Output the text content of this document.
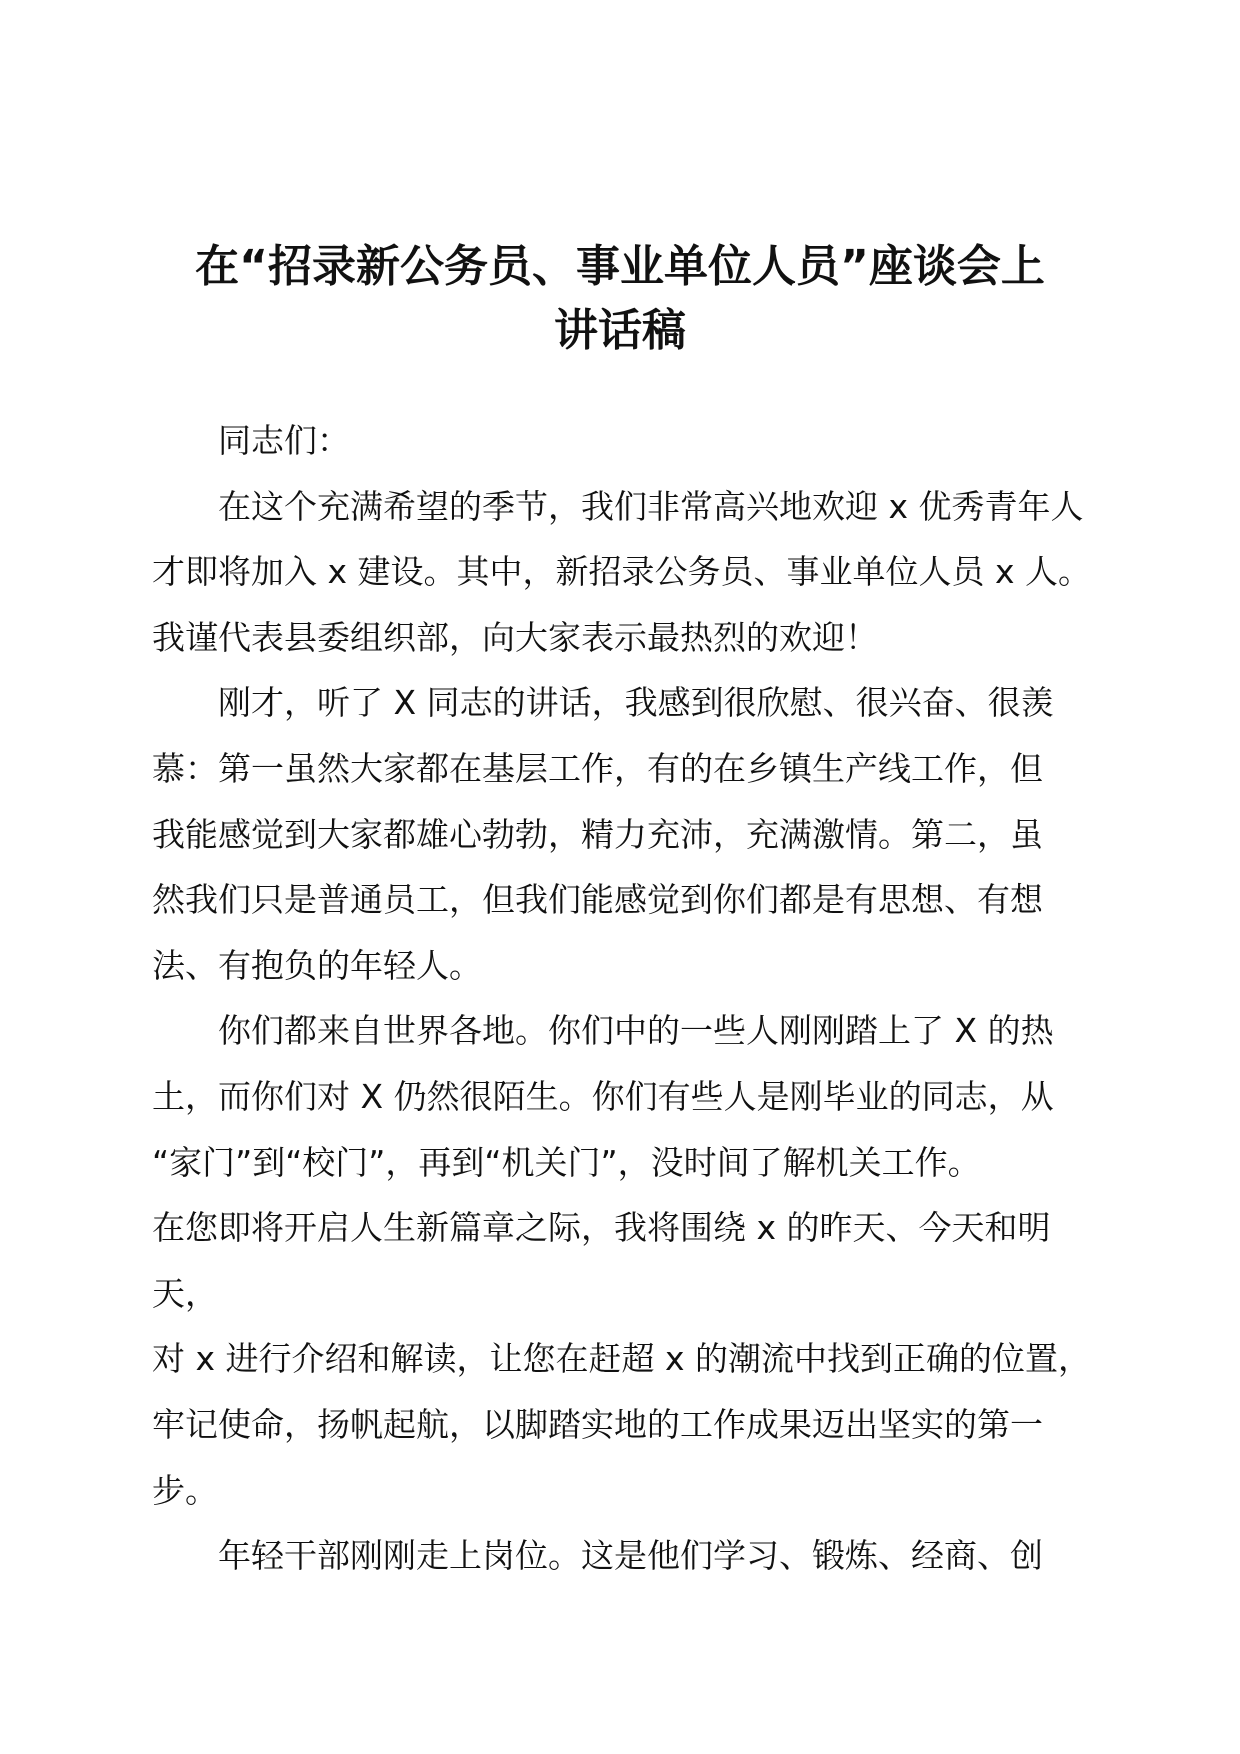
在“招录新公务员、事业单位人员”座谈会上
讲话稿

同志们：

在这个充满希望的季节，我们非常高兴地欢迎 x 优秀青年人
才即将加入 x 建设。其中，新招录公务员、事业单位人员 x 人。
我谨代表县委组织部，向大家表示最热烈的欢迎！

刚才，听了 X 同志的讲话，我感到很欣慰、很兴奋、很羡
慕：第一虽然大家都在基层工作，有的在乡镇生产线工作，但
我能感觉到大家都雄心勃勃，精力充沛，充满激情。第二，虽
然我们只是普通员工，但我们能感觉到你们都是有思想、有想
法、有抱负的年轻人。

你们都来自世界各地。你们中的一些人刚刚踏上了 X 的热
土，而你们对 X 仍然很陌生。你们有些人是刚毕业的同志，从
“家门”到“校门”，再到“机关门”，没时间了解机关工作。
在您即将开启人生新篇章之际，我将围绕 x 的昨天、今天和明天，
对 x 进行介绍和解读，让您在赶超 x 的潮流中找到正确的位置，
牢记使命，扬帆起航，以脚踏实地的工作成果迈出坚实的第一
步。

年轻干部刚刚走上岗位。这是他们学习、锻炼、经商、创
